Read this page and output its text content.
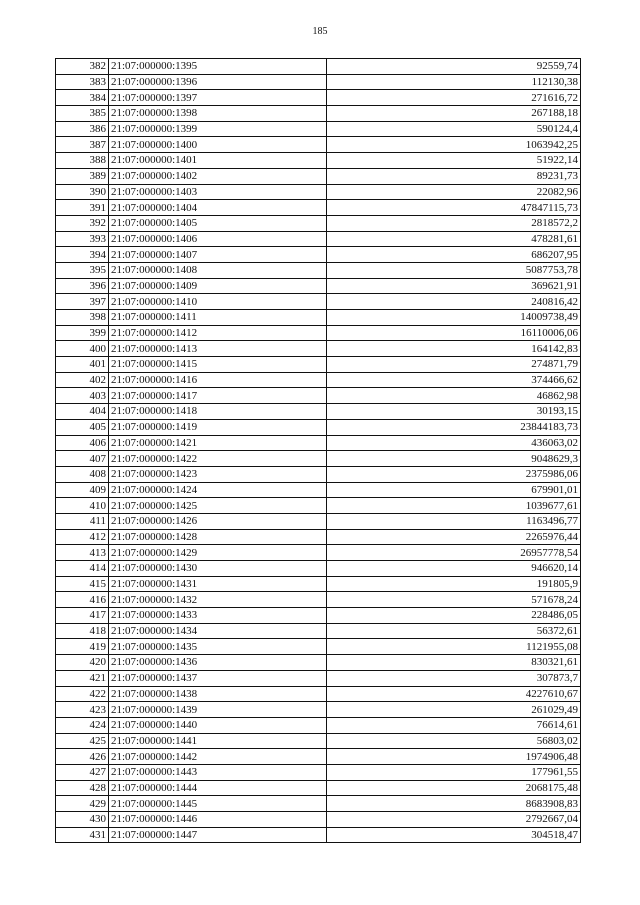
185
382	21:07:000000:1395	92559,74
383	21:07:000000:1396	112130,38
384	21:07:000000:1397	271616,72
385	21:07:000000:1398	267188,18
386	21:07:000000:1399	590124,4
387	21:07:000000:1400	1063942,25
388	21:07:000000:1401	51922,14
389	21:07:000000:1402	89231,73
390	21:07:000000:1403	22082,96
391	21:07:000000:1404	47847115,73
392	21:07:000000:1405	2818572,2
393	21:07:000000:1406	478281,61
394	21:07:000000:1407	686207,95
395	21:07:000000:1408	5087753,78
396	21:07:000000:1409	369621,91
397	21:07:000000:1410	240816,42
398	21:07:000000:1411	14009738,49
399	21:07:000000:1412	16110006,06
400	21:07:000000:1413	164142,83
401	21:07:000000:1415	274871,79
402	21:07:000000:1416	374466,62
403	21:07:000000:1417	46862,98
404	21:07:000000:1418	30193,15
405	21:07:000000:1419	23844183,73
406	21:07:000000:1421	436063,02
407	21:07:000000:1422	9048629,3
408	21:07:000000:1423	2375986,06
409	21:07:000000:1424	679901,01
410	21:07:000000:1425	1039677,61
411	21:07:000000:1426	1163496,77
412	21:07:000000:1428	2265976,44
413	21:07:000000:1429	26957778,54
414	21:07:000000:1430	946620,14
415	21:07:000000:1431	191805,9
416	21:07:000000:1432	571678,24
417	21:07:000000:1433	228486,05
418	21:07:000000:1434	56372,61
419	21:07:000000:1435	1121955,08
420	21:07:000000:1436	830321,61
421	21:07:000000:1437	307873,7
422	21:07:000000:1438	4227610,67
423	21:07:000000:1439	261029,49
424	21:07:000000:1440	76614,61
425	21:07:000000:1441	56803,02
426	21:07:000000:1442	1974906,48
427	21:07:000000:1443	177961,55
428	21:07:000000:1444	2068175,48
429	21:07:000000:1445	8683908,83
430	21:07:000000:1446	2792667,04
431	21:07:000000:1447	304518,47
